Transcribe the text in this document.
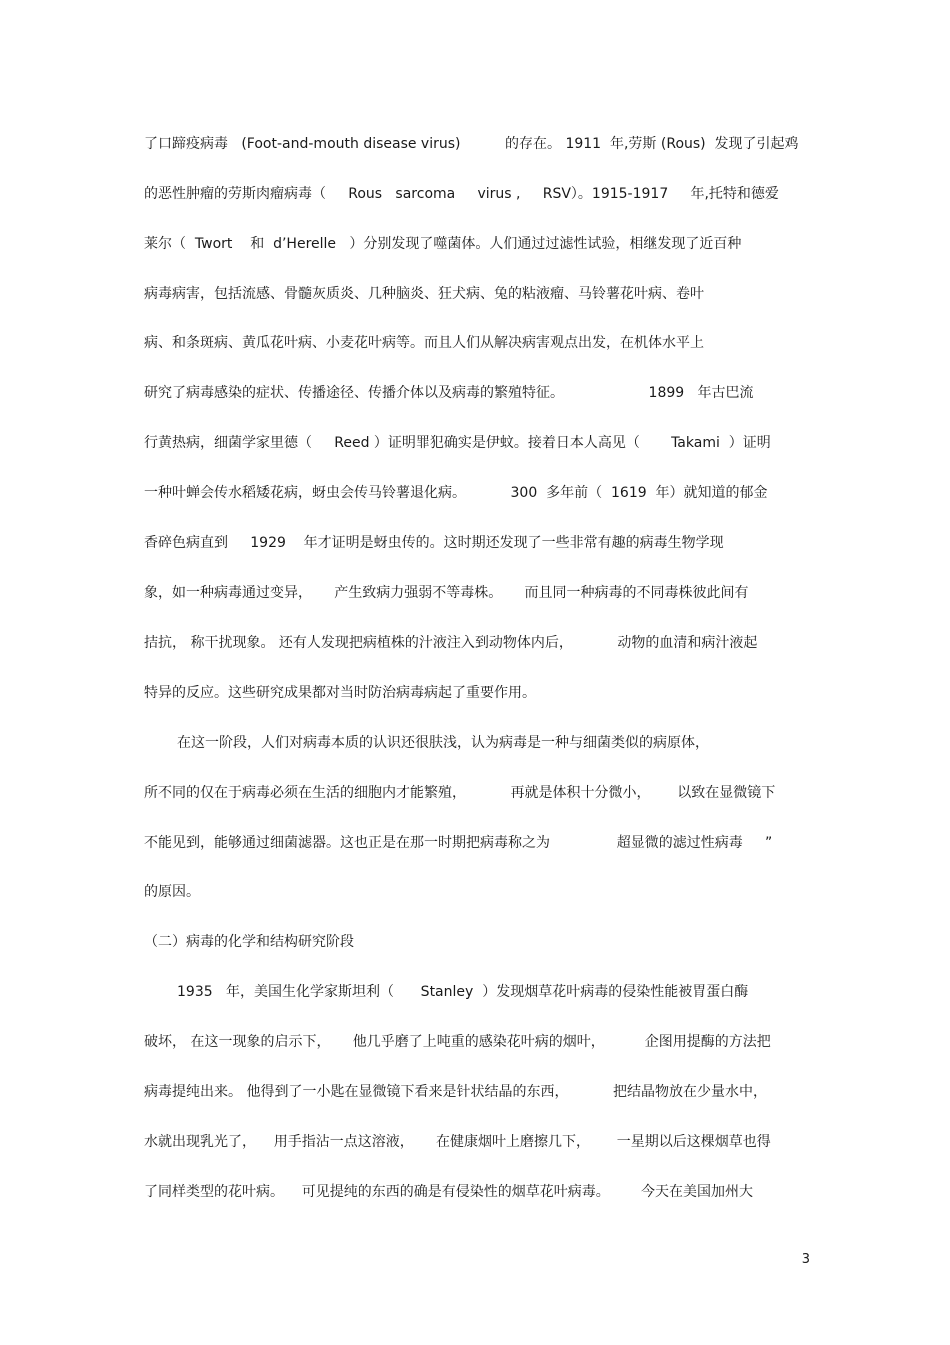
了口蹄疫病毒   (Foot-and-mouth disease virus)          的存在。 1911  年,劳斯 (Rous)  发现了引起鸡
的恶性肿瘤的劳斯肉瘤病毒（     Rous   sarcoma     virus ,     RSV）。1915-1917     年,托特和德爱
莱尔（  Twort    和  d’Herelle   ）分别发现了噬菌体。人们通过过滤性试验，相继发现了近百种
病毒病害，包括流感、骨髓灰质炎、几种脑炎、狂犬病、兔的粘液瘤、马铃薯花叶病、卷叶
病、和条斑病、黄瓜花叶病、小麦花叶病等。而且人们从解决病害观点出发，在机体水平上
研究了病毒感染的症状、传播途径、传播介体以及病毒的繁殖特征。                   1899   年古巴流
行黄热病，细菌学家里德（     Reed ）证明罪犯确实是伊蚊。接着日本人高见（       Takami  ）证明
一种叶蝉会传水稻矮花病，蚜虫会传马铃薯退化病。          300  多年前（  1619  年）就知道的郁金
香碎色病直到     1929    年才证明是蚜虫传的。这时期还发现了一些非常有趣的病毒生物学现
象，如一种病毒通过变异，     产生致病力强弱不等毒株。     而且同一种病毒的不同毒株彼此间有
拮抗， 称干扰现象。 还有人发现把病植株的汁液注入到动物体内后，          动物的血清和病汁液起
特异的反应。这些研究成果都对当时防治病毒病起了重要作用。
在这一阶段，人们对病毒本质的认识还很肤浅，认为病毒是一种与细菌类似的病原体，
所不同的仅在于病毒必须在生活的细胞内才能繁殖，          再就是体积十分微小，      以致在显微镜下
不能见到，能够通过细菌滤器。这也正是在那一时期把病毒称之为               超显微的滤过性病毒     ”
的原因。
（二）病毒的化学和结构研究阶段
1935   年，美国生化学家斯坦利（      Stanley  ）发现烟草花叶病毒的侵染性能被胃蛋白酶
破坏， 在这一现象的启示下，     他几乎磨了上吨重的感染花叶病的烟叶，         企图用提酶的方法把
病毒提纯出来。 他得到了一小匙在显微镜下看来是针状结晶的东西，          把结晶物放在少量水中，
水就出现乳光了，    用手指沾一点这溶液，     在健康烟叶上磨擦几下，      一星期以后这棵烟草也得
了同样类型的花叶病。    可见提纯的东西的确是有侵染性的烟草花叶病毒。       今天在美国加州大
3
